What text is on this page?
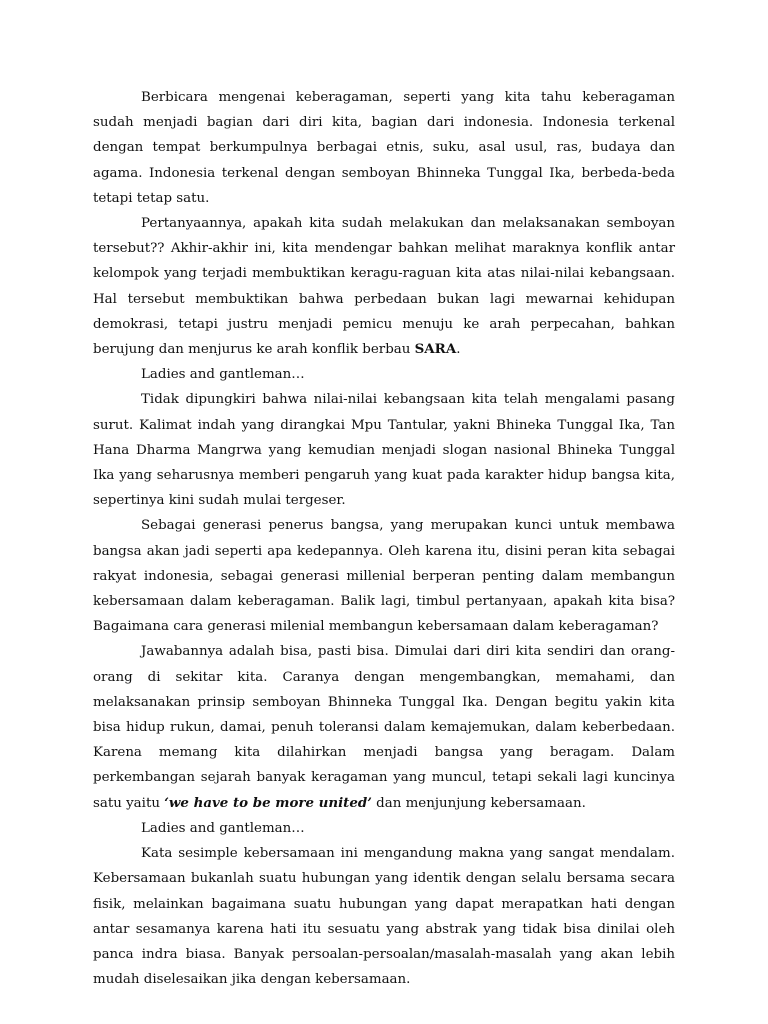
Berbicara mengenai keberagaman, seperti yang kita tahu keberagaman sudah menjadi bagian dari diri kita, bagian dari indonesia. Indonesia terkenal dengan tempat berkumpulnya berbagai etnis, suku, asal usul, ras, budaya dan agama. Indonesia terkenal dengan semboyan Bhinneka Tunggal Ika, berbeda-beda tetapi tetap satu.

Pertanyaannya, apakah kita sudah melakukan dan melaksanakan semboyan tersebut?? Akhir-akhir ini, kita mendengar bahkan melihat maraknya konflik antar kelompok yang terjadi membuktikan keragu-raguan kita atas nilai-nilai kebangsaan. Hal tersebut membuktikan bahwa perbedaan bukan lagi mewarnai kehidupan demokrasi, tetapi justru menjadi pemicu menuju ke arah perpecahan, bahkan berujung dan menjurus ke arah konflik berbau SARA.

Ladies and gantleman…

Tidak dipungkiri bahwa nilai-nilai kebangsaan kita telah mengalami pasang surut. Kalimat indah yang dirangkai Mpu Tantular, yakni Bhineka Tunggal Ika, Tan Hana Dharma Mangrwa yang kemudian menjadi slogan nasional Bhineka Tunggal Ika yang seharusnya memberi pengaruh yang kuat pada karakter hidup bangsa kita, sepertinya kini sudah mulai tergeser.

Sebagai generasi penerus bangsa, yang merupakan kunci untuk membawa bangsa akan jadi seperti apa kedepannya. Oleh karena itu, disini peran kita sebagai rakyat indonesia, sebagai generasi millenial berperan penting dalam membangun kebersamaan dalam keberagaman. Balik lagi, timbul pertanyaan, apakah kita bisa? Bagaimana cara generasi milenial membangun kebersamaan dalam keberagaman?

Jawabannya adalah bisa, pasti bisa. Dimulai dari diri kita sendiri dan orang-orang di sekitar kita. Caranya dengan mengembangkan, memahami, dan melaksanakan prinsip semboyan Bhinneka Tunggal Ika. Dengan begitu yakin kita bisa hidup rukun, damai, penuh toleransi dalam kemajemukan, dalam keberbedaan. Karena memang kita dilahirkan menjadi bangsa yang beragam. Dalam perkembangan sejarah banyak keragaman yang muncul, tetapi sekali lagi kuncinya satu yaitu ‘we have to be more united’ dan menjunjung kebersamaan.

Ladies and gantleman…

Kata sesimple kebersamaan ini mengandung makna yang sangat mendalam. Kebersamaan bukanlah suatu hubungan yang identik dengan selalu bersama secara fisik, melainkan bagaimana suatu hubungan yang dapat merapatkan hati dengan antar sesamanya karena hati itu sesuatu yang abstrak yang tidak bisa dinilai oleh panca indra biasa. Banyak persoalan-persoalan/masalah-masalah yang akan lebih mudah diselesaikan jika dengan kebersamaan.
